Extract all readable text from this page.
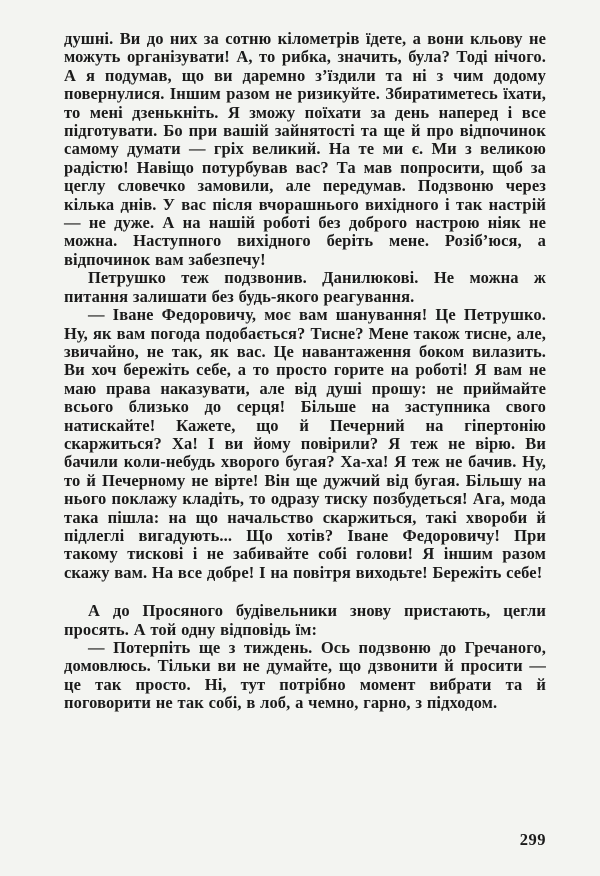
душні. Ви до них за сотню кілометрів їдете, а вони кльову не можуть організувати! А, то рибка, значить, була? Тоді нічого. А я подумав, що ви даремно з’їздили та ні з чим додому повернулися. Іншим разом не ризикуйте. Збиратиметесь їхати, то мені дзенькніть. Я зможу поїхати за день наперед і все підготувати. Бо при вашій зайнятості та ще й про відпочинок самому думати — гріх великий. На те ми є. Ми з великою радістю! Навіщо потурбував вас? Та мав попросити, щоб за цеглу словечко замовили, але передумав. Подзвоню через кілька днів. У вас після вчорашнього вихідного і так настрій — не дуже. А на нашій роботі без доброго настрою ніяк не можна. Наступного вихідного беріть мене. Розіб’юся, а відпочинок вам забезпечу!

Петрушко теж подзвонив. Данилюкові. Не можна ж питання залишати без будь-якого реагування.

— Іване Федоровичу, моє вам шанування! Це Петрушко. Ну, як вам погода подобається? Тисне? Мене також тисне, але, звичайно, не так, як вас. Це навантаження боком вилазить. Ви хоч бережіть себе, а то просто горите на роботі! Я вам не маю права наказувати, але від душі прошу: не приймайте всього близько до серця! Більше на заступника свого натискайте! Кажете, що й Печерний на гіпертонію скаржиться? Ха! І ви йому повірили? Я теж не вірю. Ви бачили коли-небудь хворого бугая? Ха-ха! Я теж не бачив. Ну, то й Печерному не вірте! Він ще дужчий від бугая. Більшу на нього поклажу кладіть, то одразу тиску позбудеться! Ага, мода така пішла: на що начальство скаржиться, такі хвороби й підлеглі вигадують... Що хотів? Іване Федоровичу! При такому тискові і не забивайте собі голови! Я іншим разом скажу вам. На все добре! І на повітря виходьте! Бережіть себе!

А до Просяного будівельники знову пристають, цегли просять. А той одну відповідь їм:

— Потерпіть ще з тиждень. Ось подзвоню до Гречаного, домовлюсь. Тільки ви не думайте, що дзвонити й просити — це так просто. Ні, тут потрібно момент вибрати та й поговорити не так собі, в лоб, а чемно, гарно, з підходом.

299
